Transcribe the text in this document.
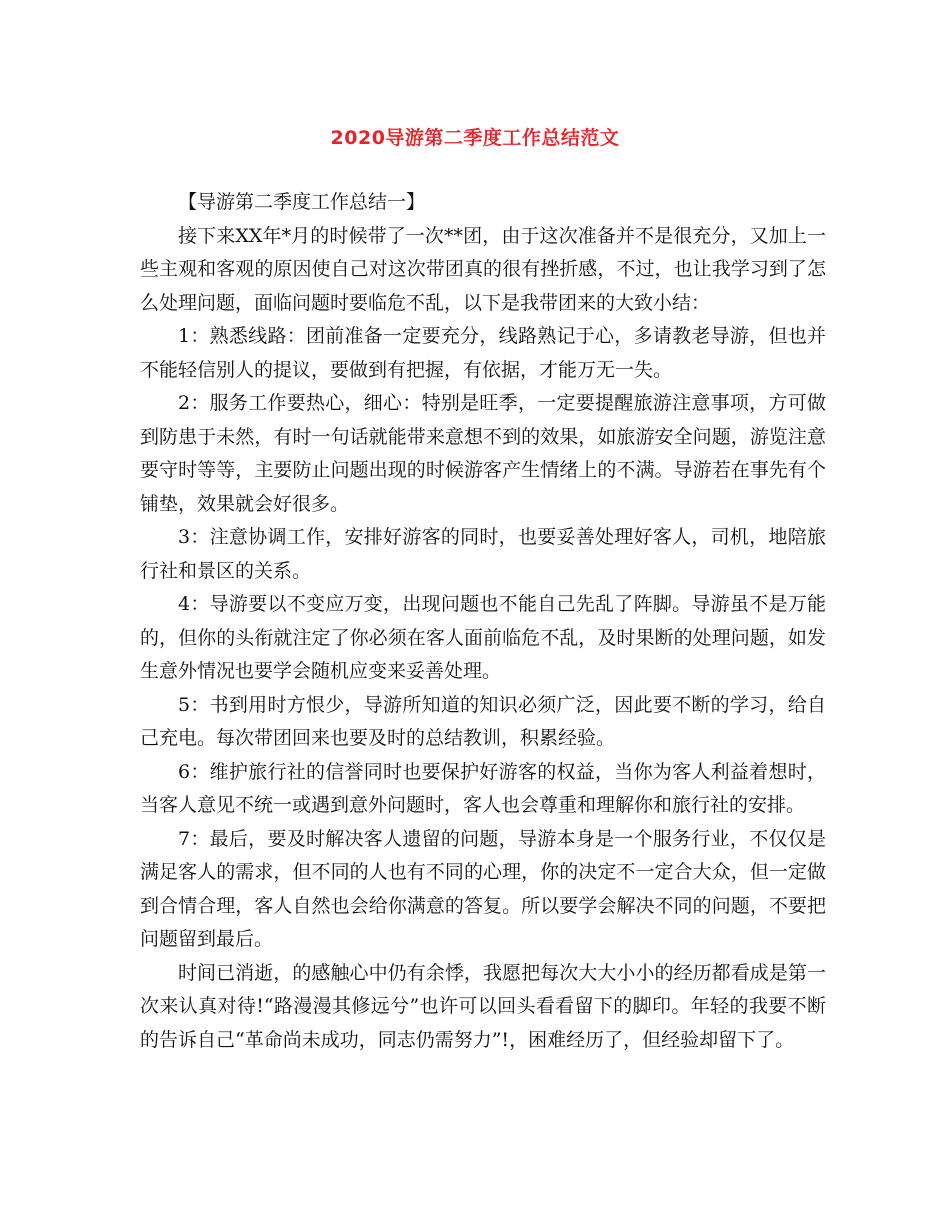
2020导游第二季度工作总结范文

【导游第二季度工作总结一】

接下来XX年*月的时候带了一次**团，由于这次准备并不是很充分，又加上一些主观和客观的原因使自己对这次带团真的很有挫折感，不过，也让我学习到了怎么处理问题，面临问题时要临危不乱，以下是我带团来的大致小结：

1：熟悉线路：团前准备一定要充分，线路熟记于心，多请教老导游，但也并不能轻信别人的提议，要做到有把握，有依据，才能万无一失。

2：服务工作要热心，细心：特别是旺季，一定要提醒旅游注意事项，方可做到防患于未然，有时一句话就能带来意想不到的效果，如旅游安全问题，游览注意要守时等等，主要防止问题出现的时候游客产生情绪上的不满。导游若在事先有个铺垫，效果就会好很多。

3：注意协调工作，安排好游客的同时，也要妥善处理好客人，司机，地陪旅行社和景区的关系。

4：导游要以不变应万变，出现问题也不能自己先乱了阵脚。导游虽不是万能的，但你的头衔就注定了你必须在客人面前临危不乱，及时果断的处理问题，如发生意外情况也要学会随机应变来妥善处理。

5：书到用时方恨少，导游所知道的知识必须广泛，因此要不断的学习，给自己充电。每次带团回来也要及时的总结教训，积累经验。

6：维护旅行社的信誉同时也要保护好游客的权益，当你为客人利益着想时，当客人意见不统一或遇到意外问题时，客人也会尊重和理解你和旅行社的安排。

7：最后，要及时解决客人遗留的问题，导游本身是一个服务行业，不仅仅是满足客人的需求，但不同的人也有不同的心理，你的决定不一定合大众，但一定做到合情合理，客人自然也会给你满意的答复。所以要学会解决不同的问题，不要把问题留到最后。

时间已消逝，的感触心中仍有余悸，我愿把每次大大小小的经历都看成是第一次来认真对待!“路漫漫其修远兮”也许可以回头看看留下的脚印。年轻的我要不断的告诉自己“革命尚未成功，同志仍需努力”!，困难经历了，但经验却留下了。
